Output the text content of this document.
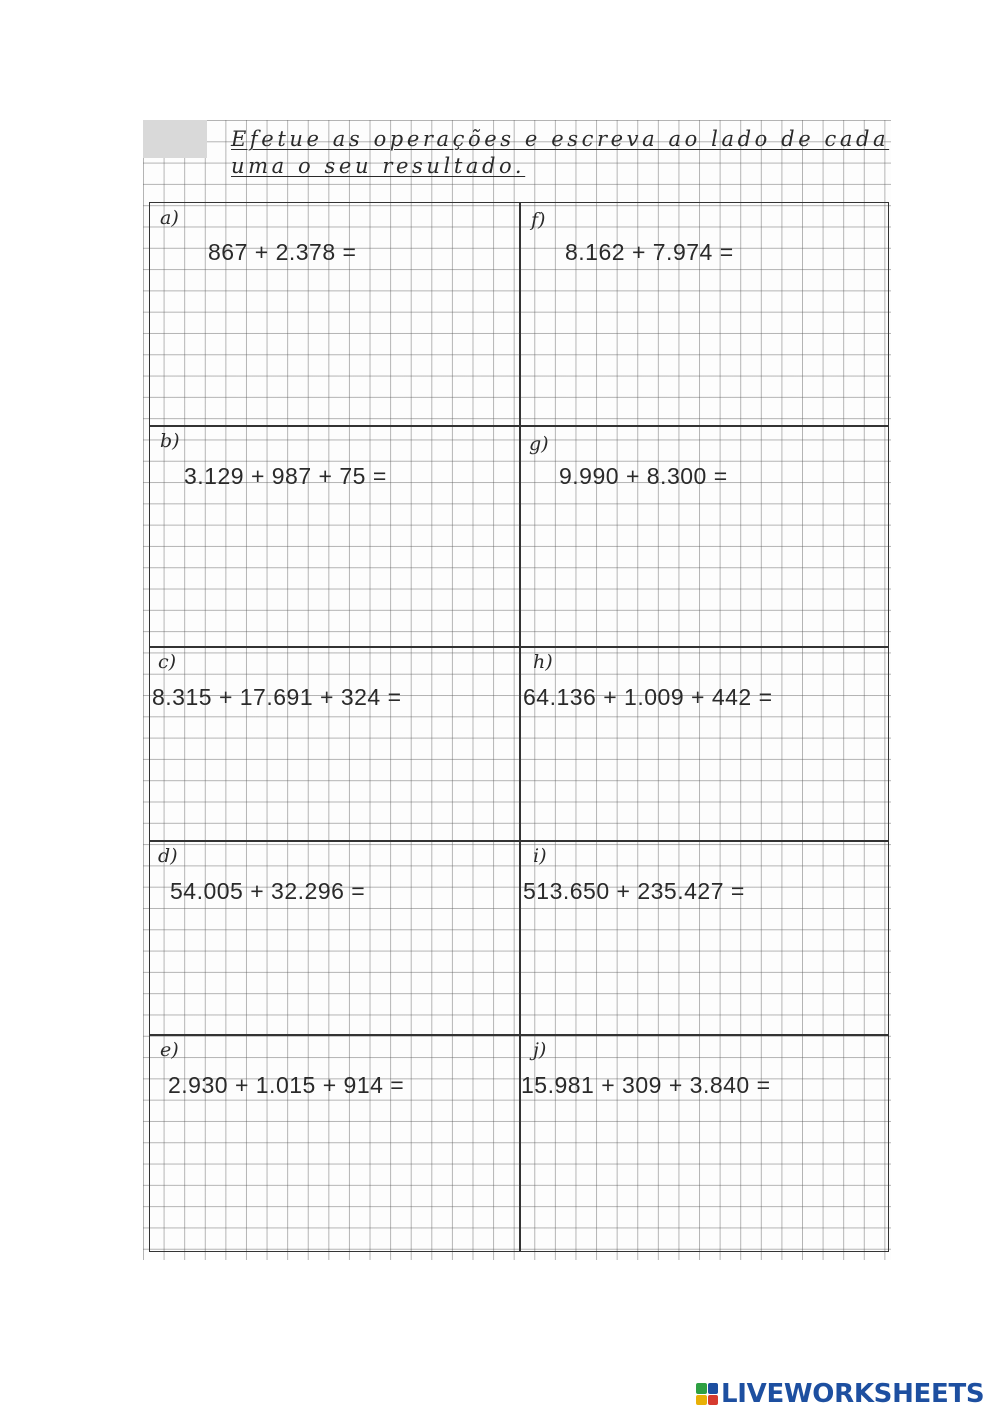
Efetue as operações e escreva ao lado de cada
uma o seu resultado.
a)
867 + 2.378 =
b)
3.129 + 987 + 75 =
c)
8.315 + 17.691 + 324 =
d)
54.005 + 32.296 =
e)
2.930 + 1.015 + 914 =
f)
8.162 + 7.974 =
g)
9.990 + 8.300 =
h)
64.136 + 1.009 + 442 =
i)
513.650 + 235.427 =
j)
15.981 + 309 + 3.840 =
LIVEWORKSHEETS
